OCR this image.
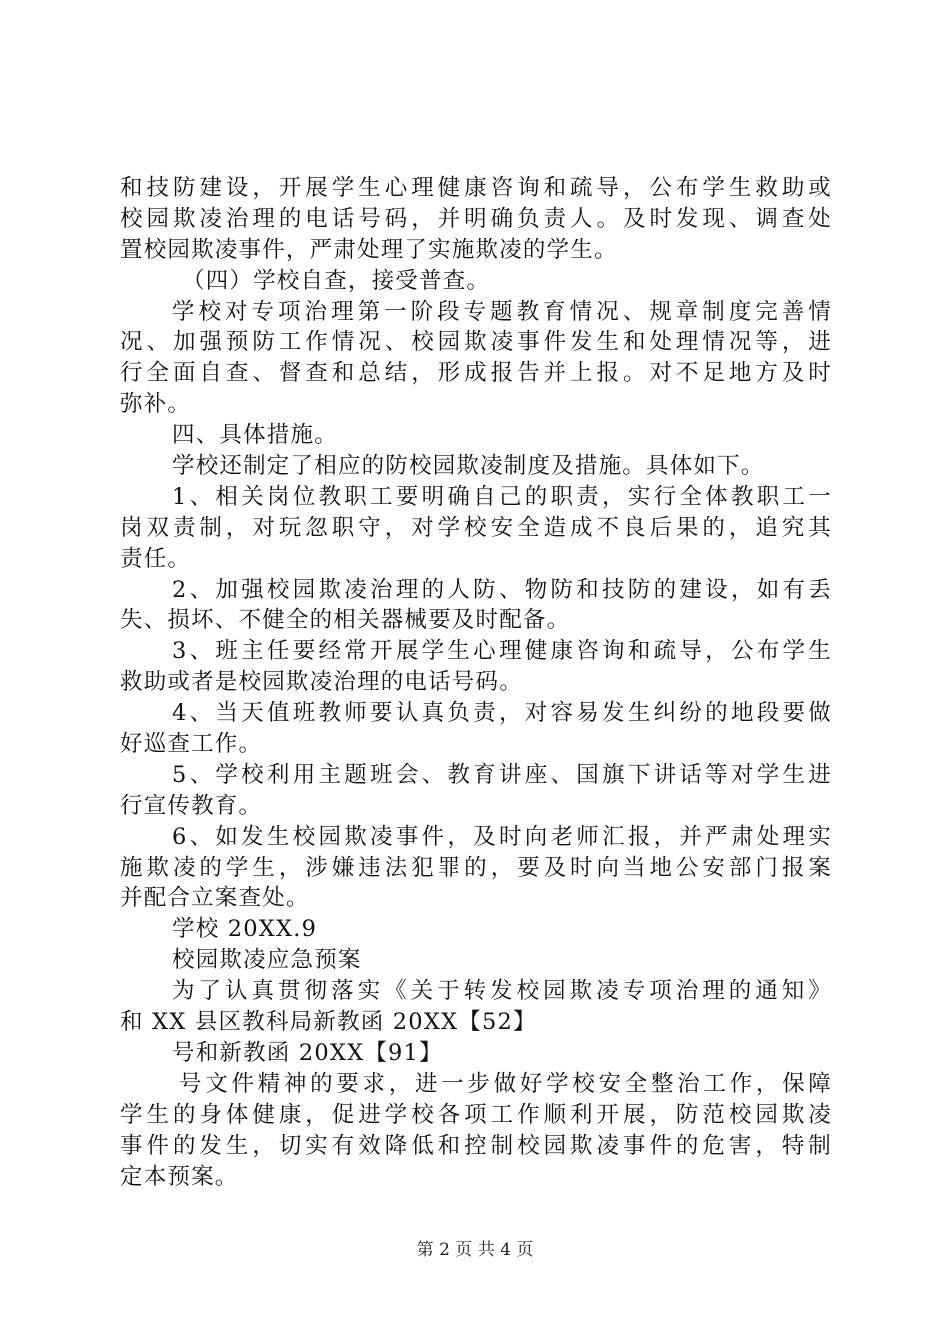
和技防建设，开展学生心理健康咨询和疏导，公布学生救助或
校园欺凌治理的电话号码，并明确负责人。及时发现、调查处
置校园欺凌事件，严肃处理了实施欺凌的学生。
（四）学校自查，接受普查。
学校对专项治理第一阶段专题教育情况、规章制度完善情
况、加强预防工作情况、校园欺凌事件发生和处理情况等，进
行全面自查、督查和总结，形成报告并上报。对不足地方及时
弥补。
四、具体措施。
学校还制定了相应的防校园欺凌制度及措施。具体如下。
1、相关岗位教职工要明确自己的职责，实行全体教职工一
岗双责制，对玩忽职守，对学校安全造成不良后果的，追究其
责任。
2、加强校园欺凌治理的人防、物防和技防的建设，如有丢
失、损坏、不健全的相关器械要及时配备。
3、班主任要经常开展学生心理健康咨询和疏导，公布学生
救助或者是校园欺凌治理的电话号码。
4、当天值班教师要认真负责，对容易发生纠纷的地段要做
好巡查工作。
5、学校利用主题班会、教育讲座、国旗下讲话等对学生进
行宣传教育。
6、如发生校园欺凌事件，及时向老师汇报，并严肃处理实
施欺凌的学生，涉嫌违法犯罪的，要及时向当地公安部门报案
并配合立案查处。
学校 20XX.9
校园欺凌应急预案
为了认真贯彻落实《关于转发校园欺凌专项治理的通知》
和 XX 县区教科局新教函 20XX【52】
号和新教函 20XX【91】
号文件精神的要求，进一步做好学校安全整治工作，保障
学生的身体健康，促进学校各项工作顺利开展，防范校园欺凌
事件的发生，切实有效降低和控制校园欺凌事件的危害，特制
定本预案。
第 2 页 共 4 页
